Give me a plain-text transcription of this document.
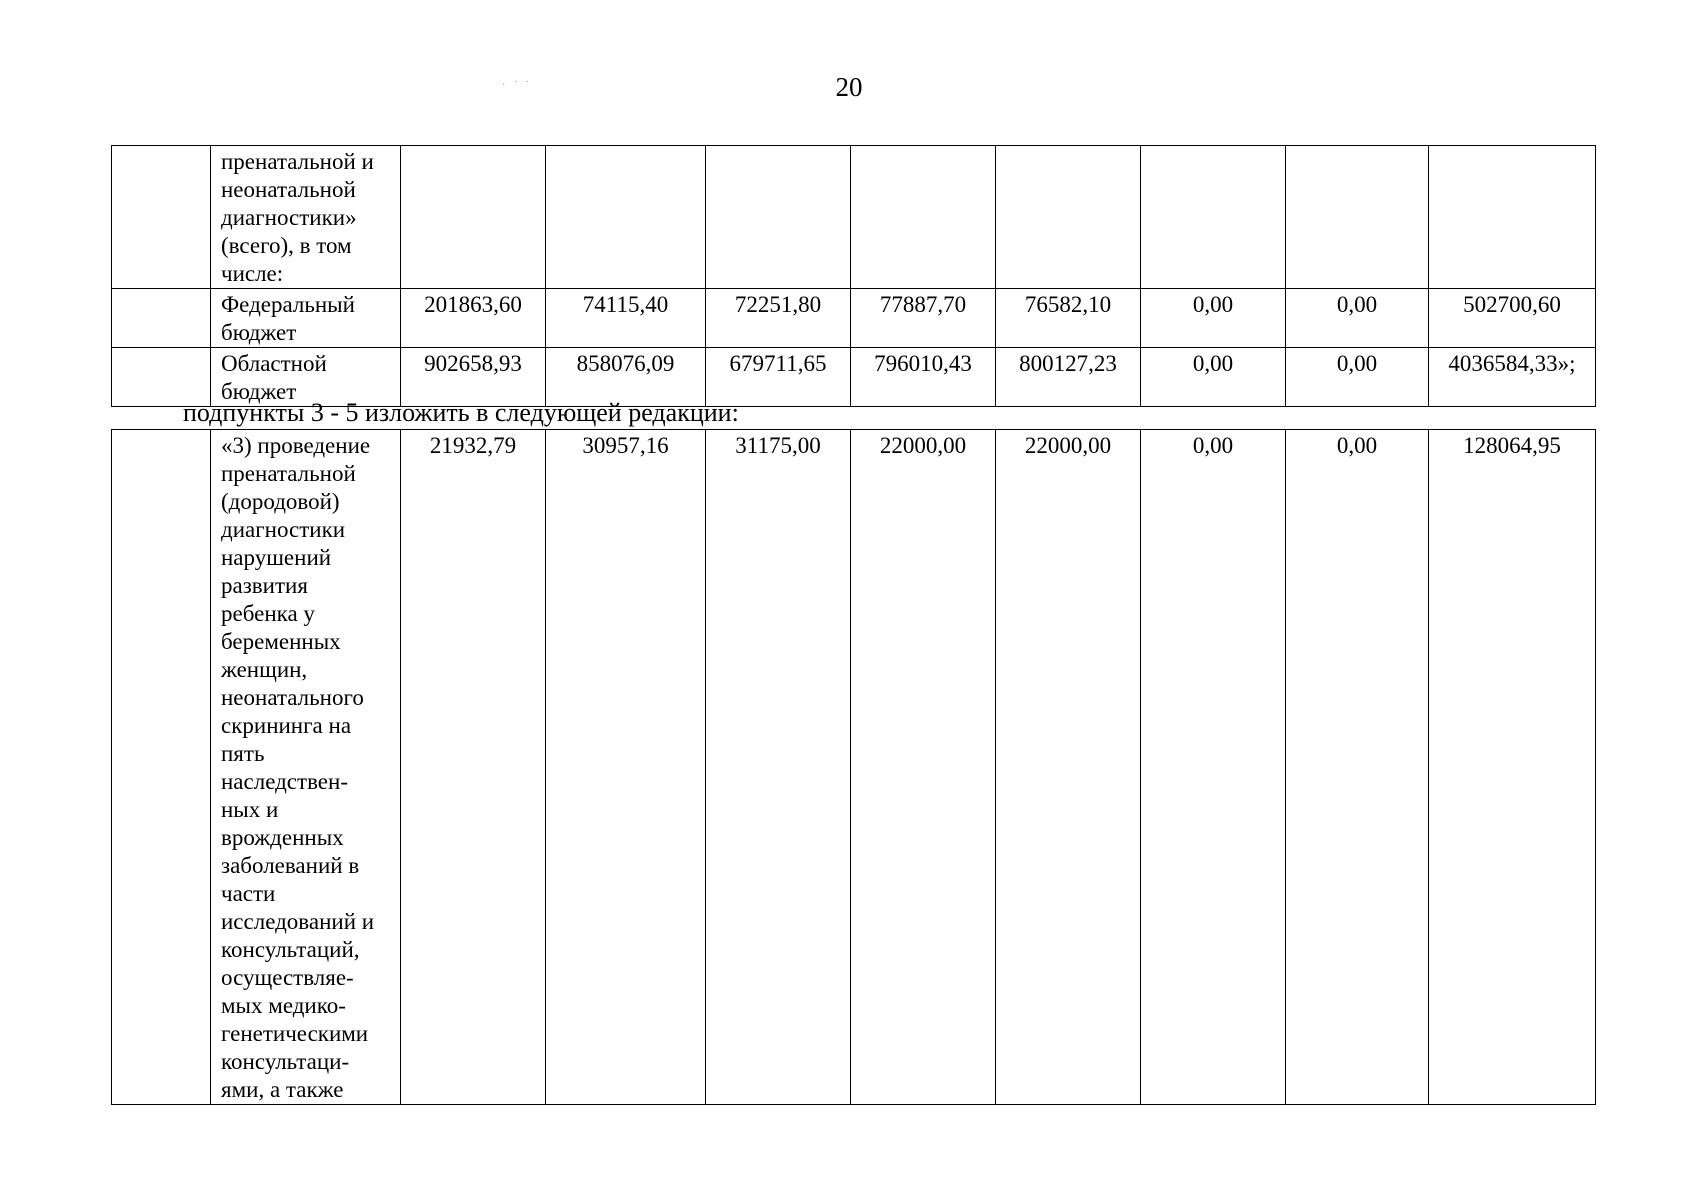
20
· ˙ ˙

	пренатальной и
неонатальной
диагностики»
(всего), в том
числе:								

	Федеральный
бюджет	201863,60	74115,40	72251,80	77887,70	76582,10	0,00	0,00	502700,60

	Областной
бюджет	902658,93	858076,09	679711,65	796010,43	800127,23	0,00	0,00	4036584,33»;
подпункты 3 - 5 изложить в следующей редакции:

«3) проведение
пренатальной
(дородовой)
диагностики
нарушений
развития
ребенка у
беременных
женщин,
неонатального
скрининга на
пять
наследствен-
ных и
врожденных
заболеваний в
части
исследований и
консультаций,
осуществляе-
мых медико-
генетическими
консультаци-
ями, а также
	21932,79	30957,16	31175,00	22000,00	22000,00	0,00	0,00	128064,95
